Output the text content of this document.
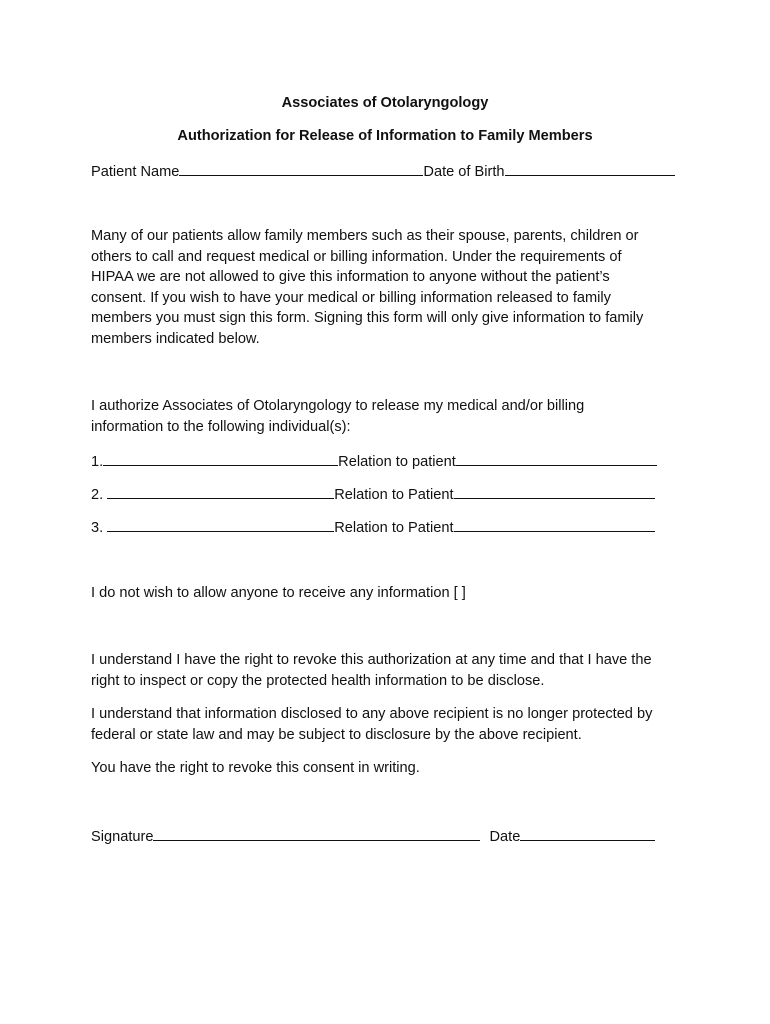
Associates of Otolaryngology
Authorization for Release of Information to Family Members
Patient Name	Date of Birth
Many of our patients allow family members such as their spouse, parents, children or
others to call and request medical or billing information. Under the requirements of
HIPAA we are not allowed to give this information to anyone without the patient’s
consent. If you wish to have your medical or billing information released to family
members you must sign this form. Signing this form will only give information to family
members indicated below.
I authorize Associates of Otolaryngology to release my medical and/or billing
information to the following individual(s):
1.	Relation to patient
2.	Relation to Patient
3.	Relation to Patient
I do not wish to allow anyone to receive any information [ ]
I understand I have the right to revoke this authorization at any time and that I have the
right to inspect or copy the protected health information to be disclose.
I understand that information disclosed to any above recipient is no longer protected by
federal or state law and may be subject to disclosure by the above recipient.
You have the right to revoke this consent in writing.
Signature	Date
